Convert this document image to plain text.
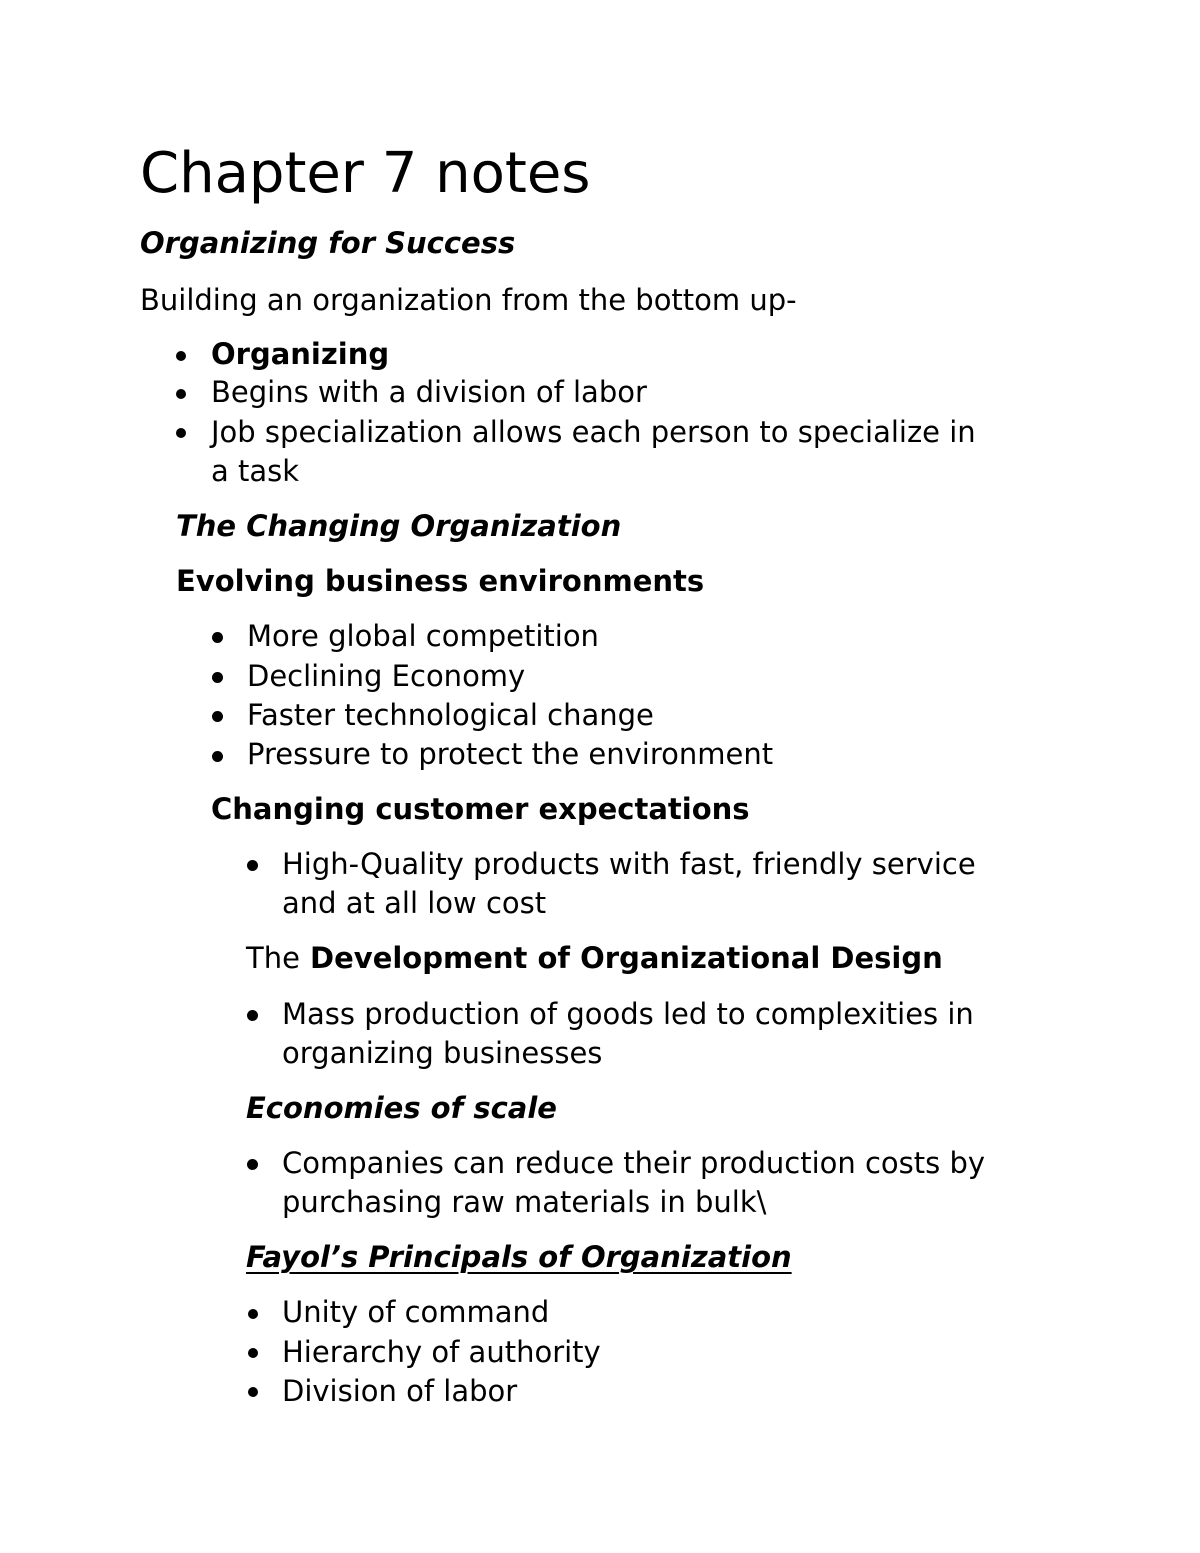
Chapter 7 notes
Organizing for Success
Building an organization from the bottom up-
Organizing
Begins with a division of labor
Job specialization allows each person to specialize in
a task
The Changing Organization
Evolving business environments
More global competition
Declining Economy
Faster technological change
Pressure to protect the environment
Changing customer expectations
High-Quality products with fast, friendly service
and at all low cost
The Development of Organizational Design
Mass production of goods led to complexities in
organizing businesses
Economies of scale
Companies can reduce their production costs by
purchasing raw materials in bulk\
Fayol’s Principals of Organization
Unity of command
Hierarchy of authority
Division of labor
